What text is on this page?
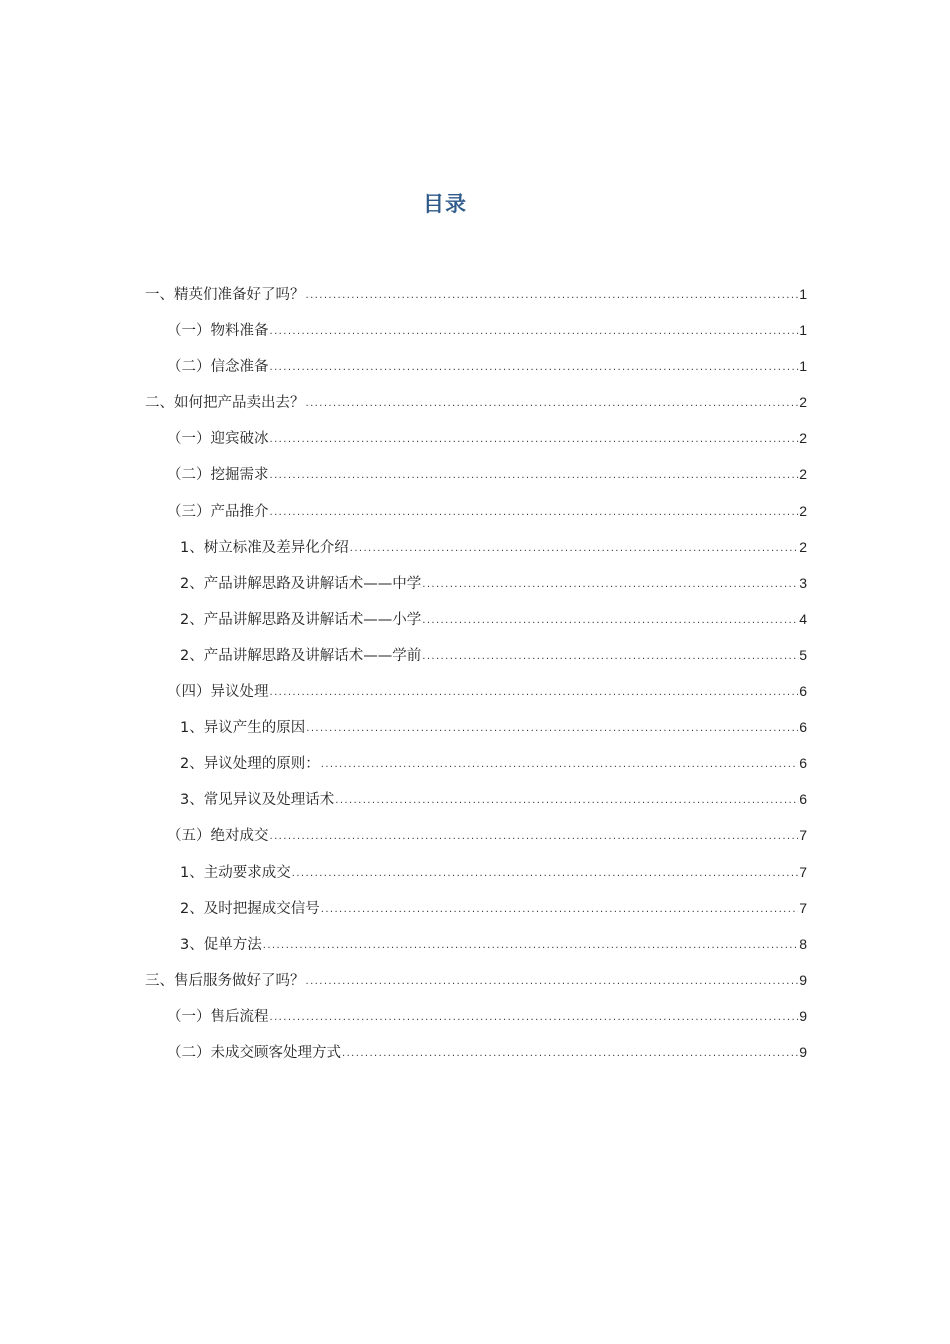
目录
一、精英们准备好了吗？ .....	1
（一）物料准备 .....	1
（二）信念准备 .....	1
二、如何把产品卖出去？ .....	2
（一）迎宾破冰 .....	2
（二）挖掘需求 .....	2
（三）产品推介 .....	2
1、树立标准及差异化介绍 .....	2
2、产品讲解思路及讲解话术——中学 .....	3
2、产品讲解思路及讲解话术——小学 .....	4
2、产品讲解思路及讲解话术——学前 .....	5
（四）异议处理 .....	6
1、异议产生的原因 .....	6
2、异议处理的原则： .....	6
3、常见异议及处理话术 .....	6
（五）绝对成交 .....	7
1、主动要求成交 .....	7
2、及时把握成交信号 .....	7
3、促单方法 .....	8
三、售后服务做好了吗？ .....	9
（一）售后流程 .....	9
（二）未成交顾客处理方式 .....	9
